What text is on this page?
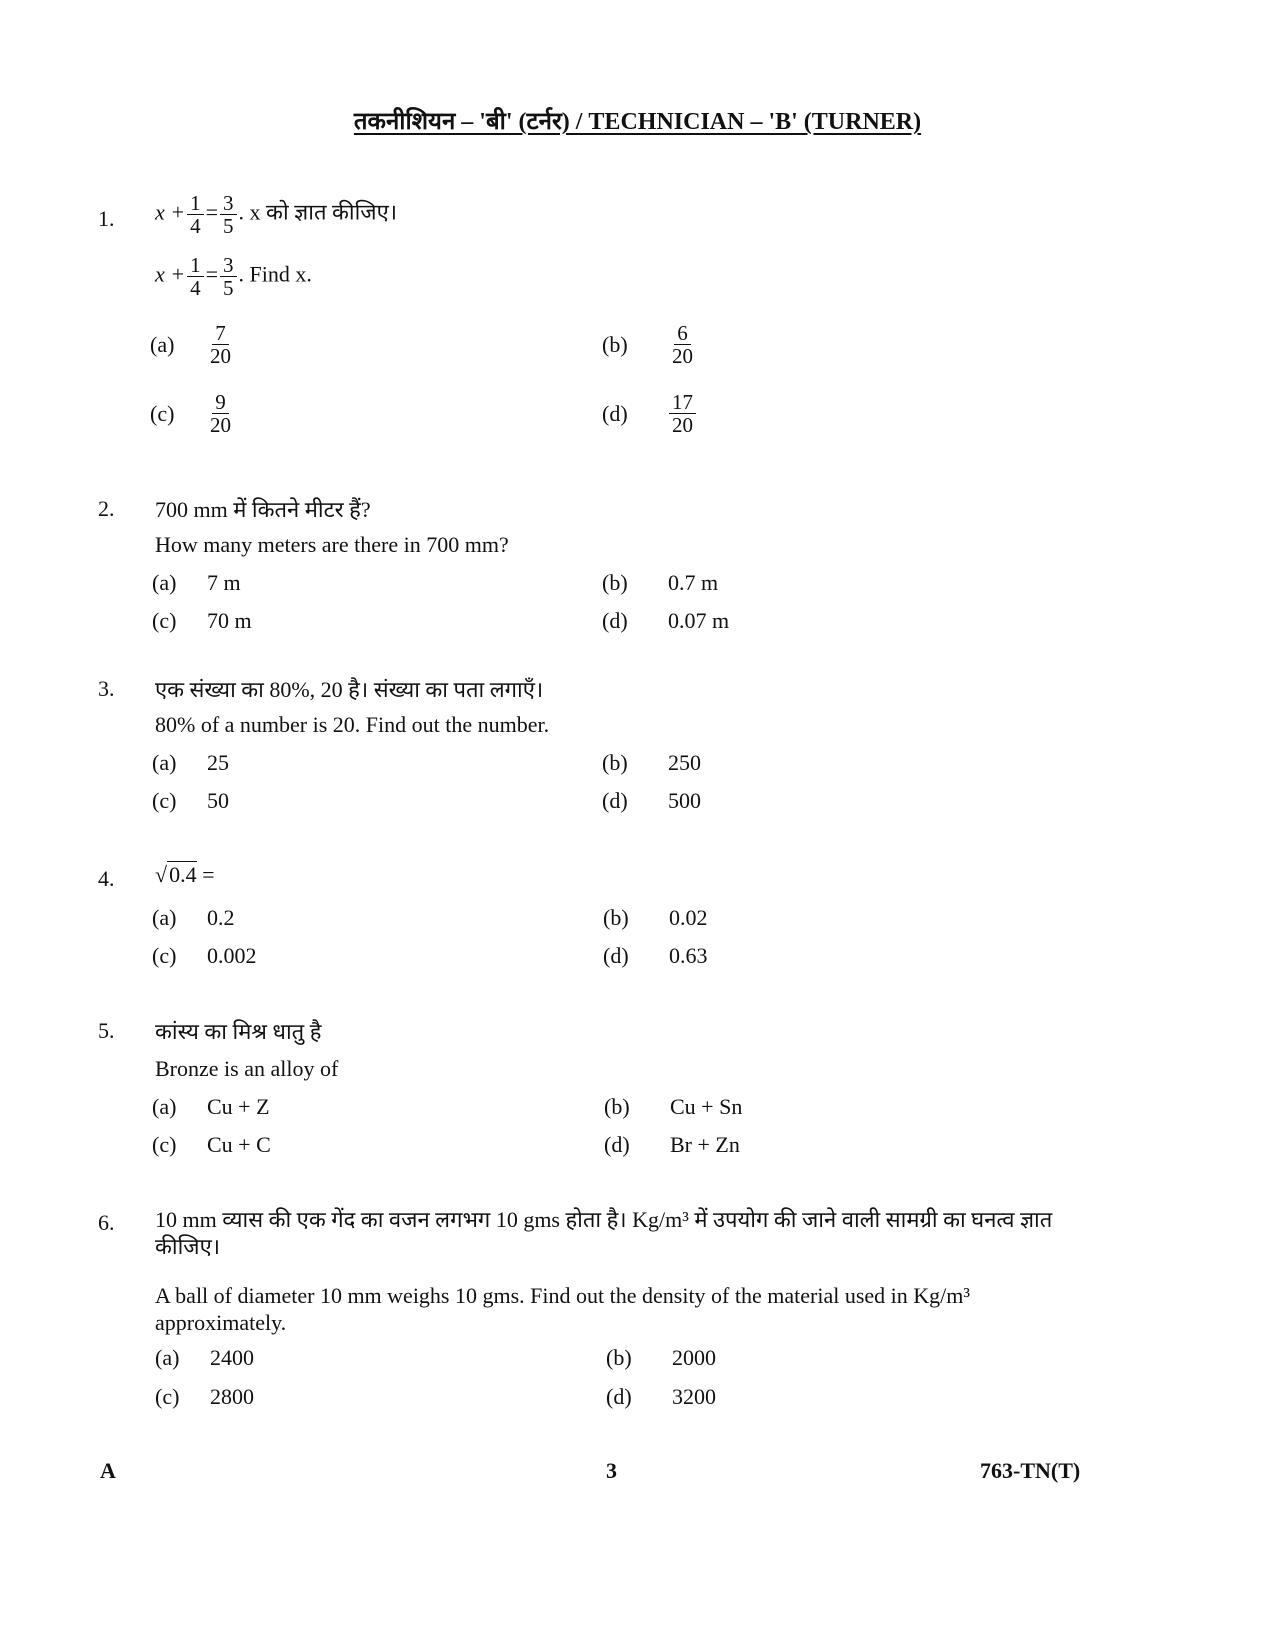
तकनीशियन – 'बी' (टर्नर) / TECHNICIAN – 'B' (TURNER)
1. $x + \frac{1}{4} = \frac{3}{5}$ . x को ज्ञात कीजिए।
$x + \frac{1}{4} = \frac{3}{5}$ . Find x.
$(a) \frac{7}{20}$	$(b) \frac{6}{20}$
$(c) \frac{9}{20}$	$(d) \frac{17}{20}$
2. 700 mm में कितने मीटर हैं?
How many meters are there in 700 mm?
(a) 7 m	(b) 0.7 m
(c) 70 m	(d) 0.07 m
3. एक संख्या का 80%, 20 है। संख्या का पता लगाएँ।
80% of a number is 20. Find out the number.
(a) 25	(b) 250
(c) 50	(d) 500
4. √0.4 =
(a) 0.2	(b) 0.02
(c) 0.002	(d) 0.63
5. कांस्य का मिश्र धातु है
Bronze is an alloy of
(a) Cu + Z	(b) Cu + Sn
(c) Cu + C	(d) Br + Zn
6. 10 mm व्यास की एक गेंद का वजन लगभग 10 gms होता है। Kg/m³ में उपयोग की जाने वाली सामग्री का घनत्व ज्ञात कीजिए।
A ball of diameter 10 mm weighs 10 gms. Find out the density of the material used in Kg/m³ approximately.
(a) 2400	(b) 2000
(c) 2800	(d) 3200
A	3	763-TN(T)
